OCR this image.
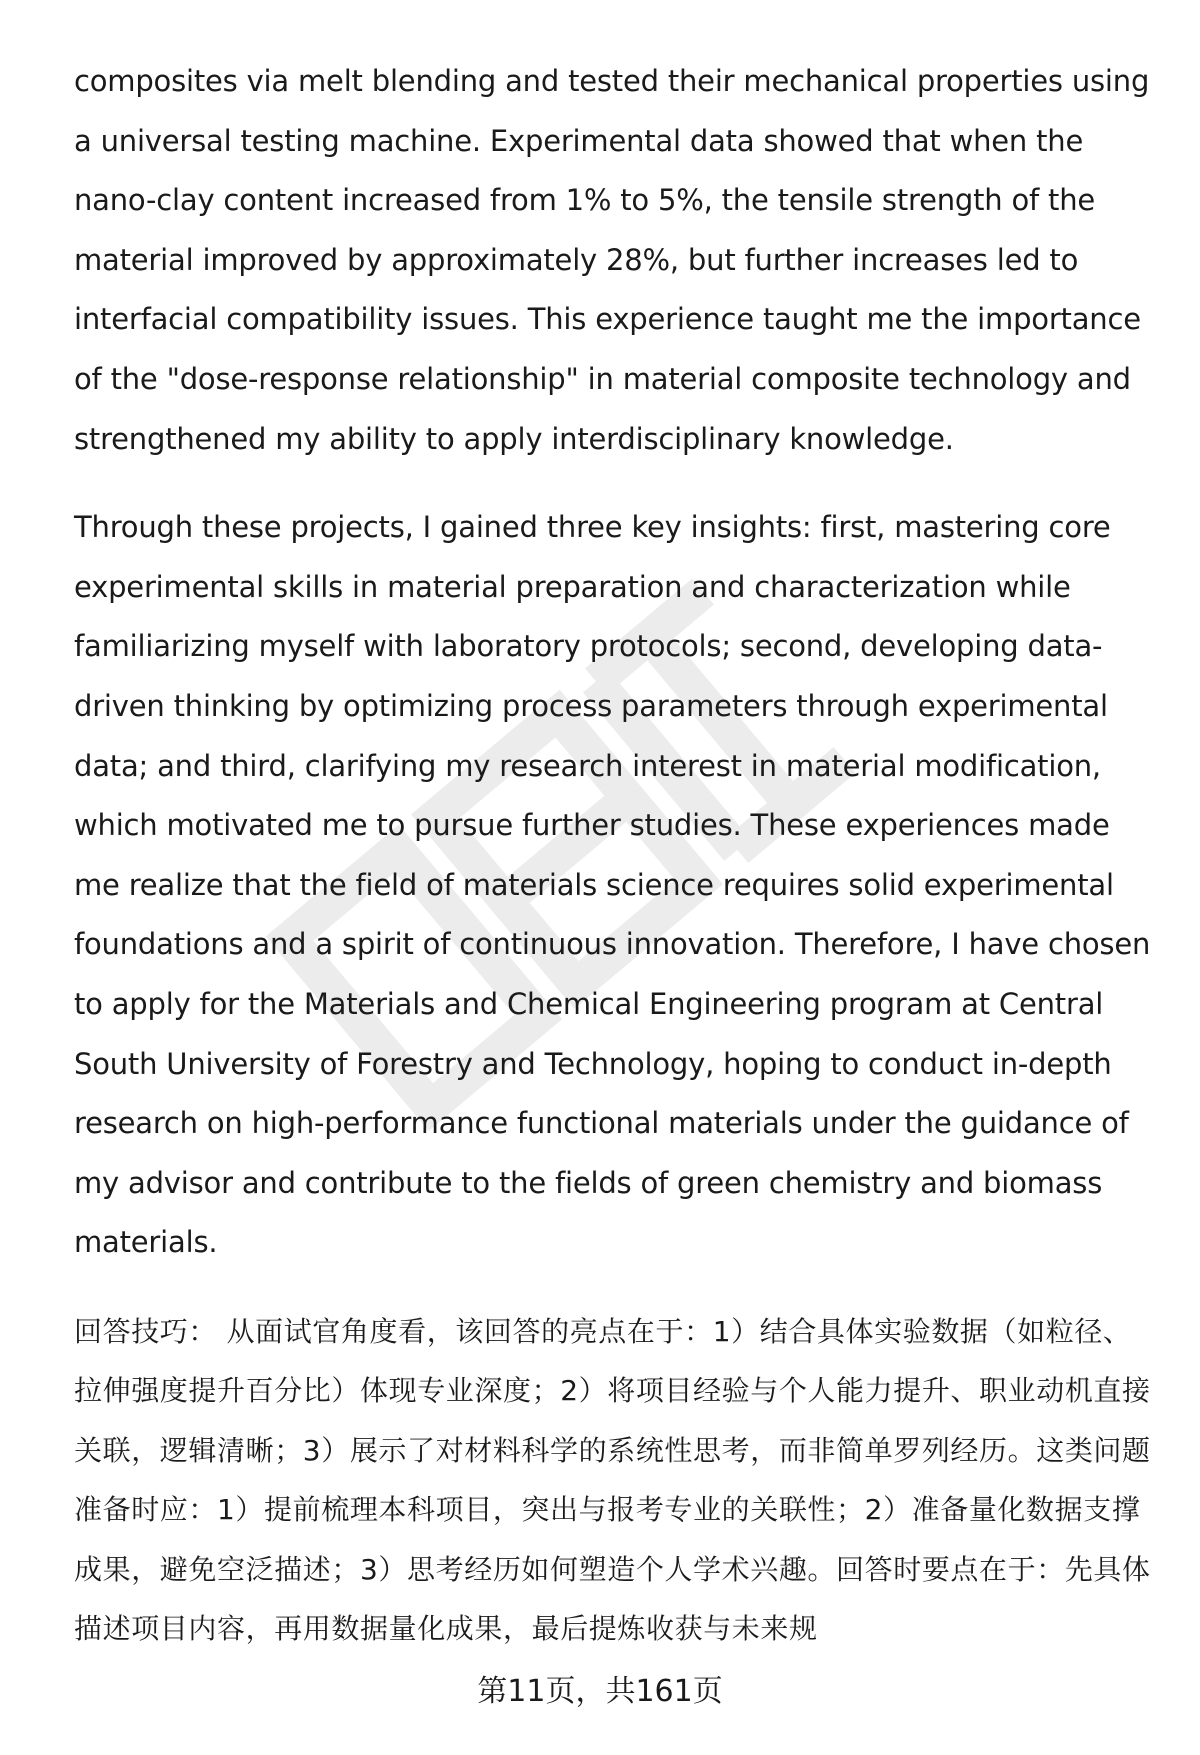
composites via melt blending and tested their mechanical properties using a universal testing machine. Experimental data showed that when the nano-clay content increased from 1% to 5%, the tensile strength of the material improved by approximately 28%, but further increases led to interfacial compatibility issues. This experience taught me the importance of the "dose-response relationship" in material composite technology and strengthened my ability to apply interdisciplinary knowledge.

Through these projects, I gained three key insights: first, mastering core experimental skills in material preparation and characterization while familiarizing myself with laboratory protocols; second, developing data-driven thinking by optimizing process parameters through experimental data; and third, clarifying my research interest in material modification, which motivated me to pursue further studies. These experiences made me realize that the field of materials science requires solid experimental foundations and a spirit of continuous innovation. Therefore, I have chosen to apply for the Materials and Chemical Engineering program at Central South University of Forestry and Technology, hoping to conduct in-depth research on high-performance functional materials under the guidance of my advisor and contribute to the fields of green chemistry and biomass materials.

回答技巧： 从面试官角度看，该回答的亮点在于：1）结合具体实验数据（如粒径、拉伸强度提升百分比）体现专业深度；2）将项目经验与个人能力提升、职业动机直接关联，逻辑清晰；3）展示了对材料科学的系统性思考，而非简单罗列经历。这类问题准备时应：1）提前梳理本科项目，突出与报考专业的关联性；2）准备量化数据支撑成果，避免空泛描述；3）思考经历如何塑造个人学术兴趣。回答时要点在于：先具体描述项目内容，再用数据量化成果，最后提炼收获与未来规

第11页，共161页
